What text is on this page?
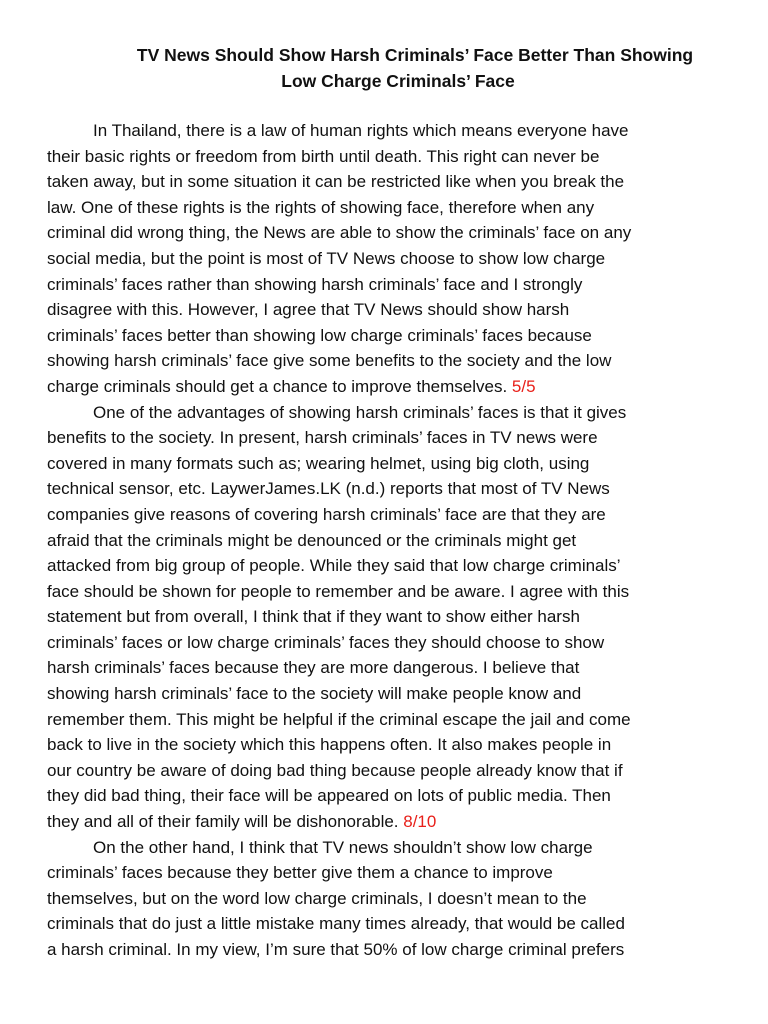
TV News Should Show Harsh Criminals’ Face Better Than Showing
Low Charge Criminals’ Face
In Thailand, there is a law of human rights which means everyone have
their basic rights or freedom from birth until death. This right can never be
taken away, but in some situation it can be restricted like when you break the
law. One of these rights is the rights of showing face, therefore when any
criminal did wrong thing, the News are able to show the criminals’ face on any
social media, but the point is most of TV News choose to show low charge
criminals’ faces rather than showing harsh criminals’ face and I strongly
disagree with this. However, I agree that TV News should show harsh
criminals’ faces better than showing low charge criminals’ faces because
showing harsh criminals’ face give some benefits to the society and the low
charge criminals should get a chance to improve themselves. 5/5
One of the advantages of showing harsh criminals’ faces is that it gives
benefits to the society. In present, harsh criminals’ faces in TV news were
covered in many formats such as; wearing helmet, using big cloth, using
technical sensor, etc. LaywerJames.LK (n.d.) reports that most of TV News
companies give reasons of covering harsh criminals’ face are that they are
afraid that the criminals might be denounced or the criminals might get
attacked from big group of people. While they said that low charge criminals’
face should be shown for people to remember and be aware. I agree with this
statement but from overall, I think that if they want to show either harsh
criminals’ faces or low charge criminals’ faces they should choose to show
harsh criminals’ faces because they are more dangerous. I believe that
showing harsh criminals’ face to the society will make people know and
remember them. This might be helpful if the criminal escape the jail and come
back to live in the society which this happens often. It also makes people in
our country be aware of doing bad thing because people already know that if
they did bad thing, their face will be appeared on lots of public media. Then
they and all of their family will be dishonorable. 8/10
On the other hand, I think that TV news shouldn’t show low charge
criminals’ faces because they better give them a chance to improve
themselves, but on the word low charge criminals, I doesn’t mean to the
criminals that do just a little mistake many times already, that would be called
a harsh criminal. In my view, I’m sure that 50% of low charge criminal prefers
